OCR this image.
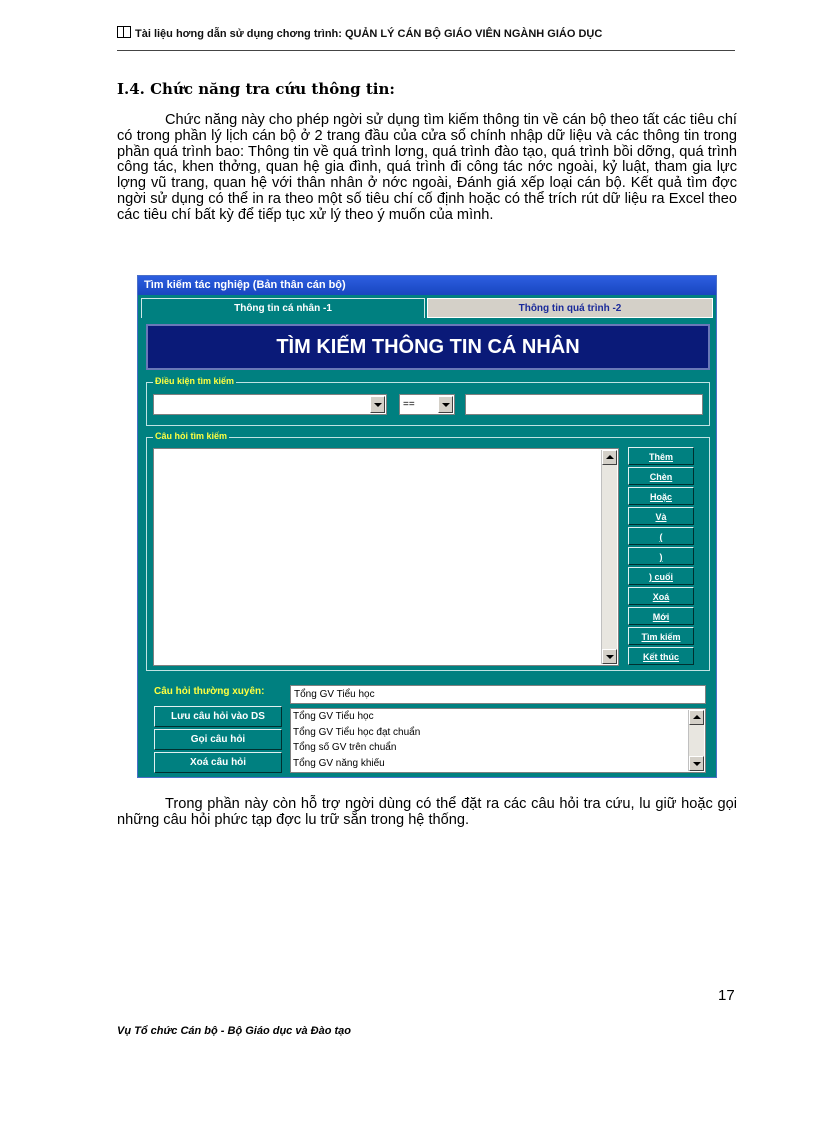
Tài liệu hơng dẫn sử dụng chơng trình: QUẢN LÝ CÁN BỘ GIÁO VIÊN NGÀNH GIÁO DỤC
I.4. Chức năng tra cứu thông tin:

Chức năng này cho phép ngời sử dụng tìm kiếm thông tin về cán bộ theo tất các tiêu chí có trong phần lý lịch cán bộ ở 2 trang đầu của cửa sổ chính nhập dữ liệu và các thông tin trong phần quá trình bao: Thông tin về quá trình lơng, quá trình đào tạo, quá trình bồi dỡng, quá trình công tác, khen thởng, quan hệ gia đình, quá trình đi công tác nớc ngoài, kỷ luật, tham gia lực lợng vũ trang, quan hệ với thân nhân ở nớc ngoài, Đánh giá xếp loại cán bộ. Kết quả tìm đợc ngời sử dụng có thể in ra theo một số tiêu chí cố định hoặc có thể trích rút dữ liệu ra Excel theo các tiêu chí bất kỳ để tiếp tục xử lý theo ý muốn của mình.

Tìm kiếm tác nghiệp (Bản thân cán bộ)
Thông tin cá nhân -1	Thông tin quá trình -2
TÌM KIẾM THÔNG TIN CÁ NHÂN
Điều kiện tìm kiếm
==
Câu hỏi tìm kiếm
Thêm
Chèn
Hoặc
Và
(
)
) cuối
Xoá
Mới
Tìm kiếm
Kết thúc
Câu hỏi thường xuyên:	Tổng GV Tiểu học
Lưu câu hỏi vào DS
Gọi câu hỏi
Xoá câu hỏi
Tổng GV Tiểu học
Tổng GV Tiểu học đạt chuẩn
Tổng số GV trên chuẩn
Tổng GV năng khiếu

Trong phần này còn hỗ trợ ngời dùng có thể đặt ra các câu hỏi tra cứu, lu giữ hoặc gọi những câu hỏi phức tạp đợc lu trữ sẵn trong hệ thống.

17
Vụ Tổ chức Cán bộ - Bộ Giáo dục và Đào tạo
